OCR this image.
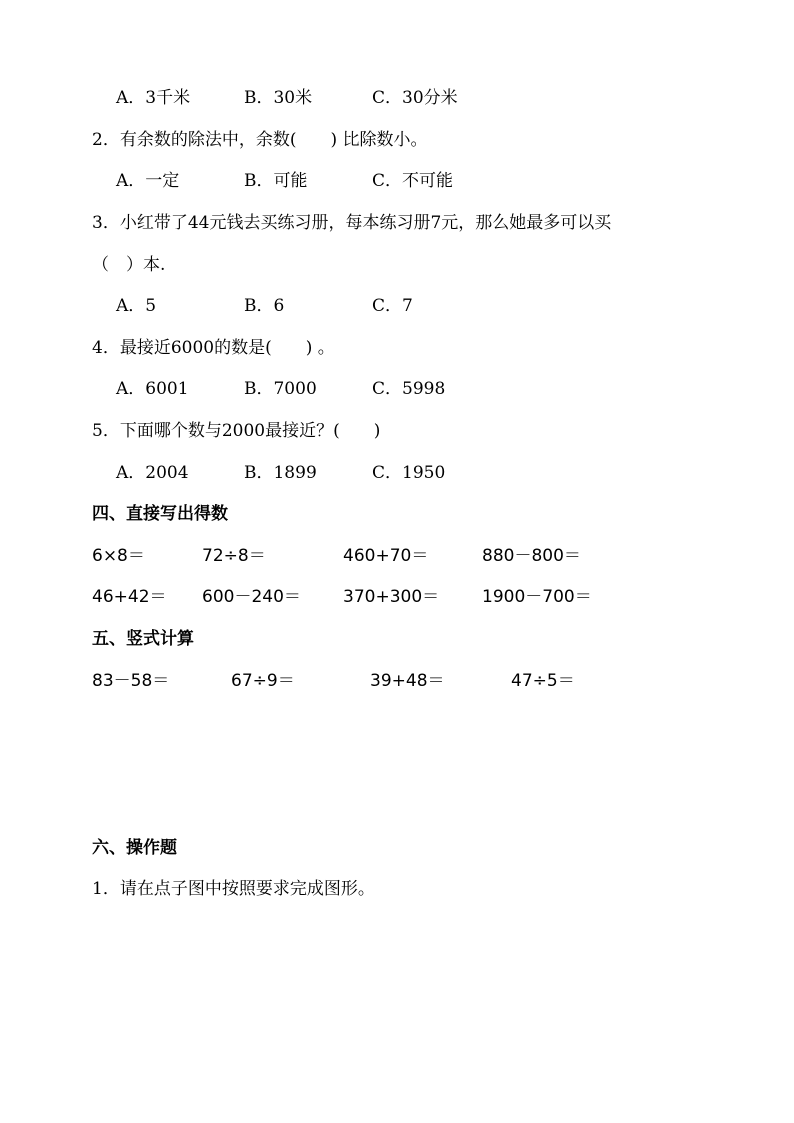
A．3千米	B．30米	C．30分米
2．有余数的除法中，余数(　　) 比除数小。
A．一定	B．可能	C．不可能
3．小红带了44元钱去买练习册，每本练习册7元，那么她最多可以买
（　）本.
A．5	B．6	C．7
4．最接近6000的数是(　　) 。
A．6001	B．7000	C．5998
5．下面哪个数与2000最接近？(　　)
A．2004	B．1899	C．1950
四、直接写出得数
6×8＝	72÷8＝	460+70＝	880－800＝
46+42＝ 600－240＝ 370+300＝	1900－700＝
五、竖式计算
83－58＝	67÷9＝	39+48＝	47÷5＝
六、操作题
1．请在点子图中按照要求完成图形。
